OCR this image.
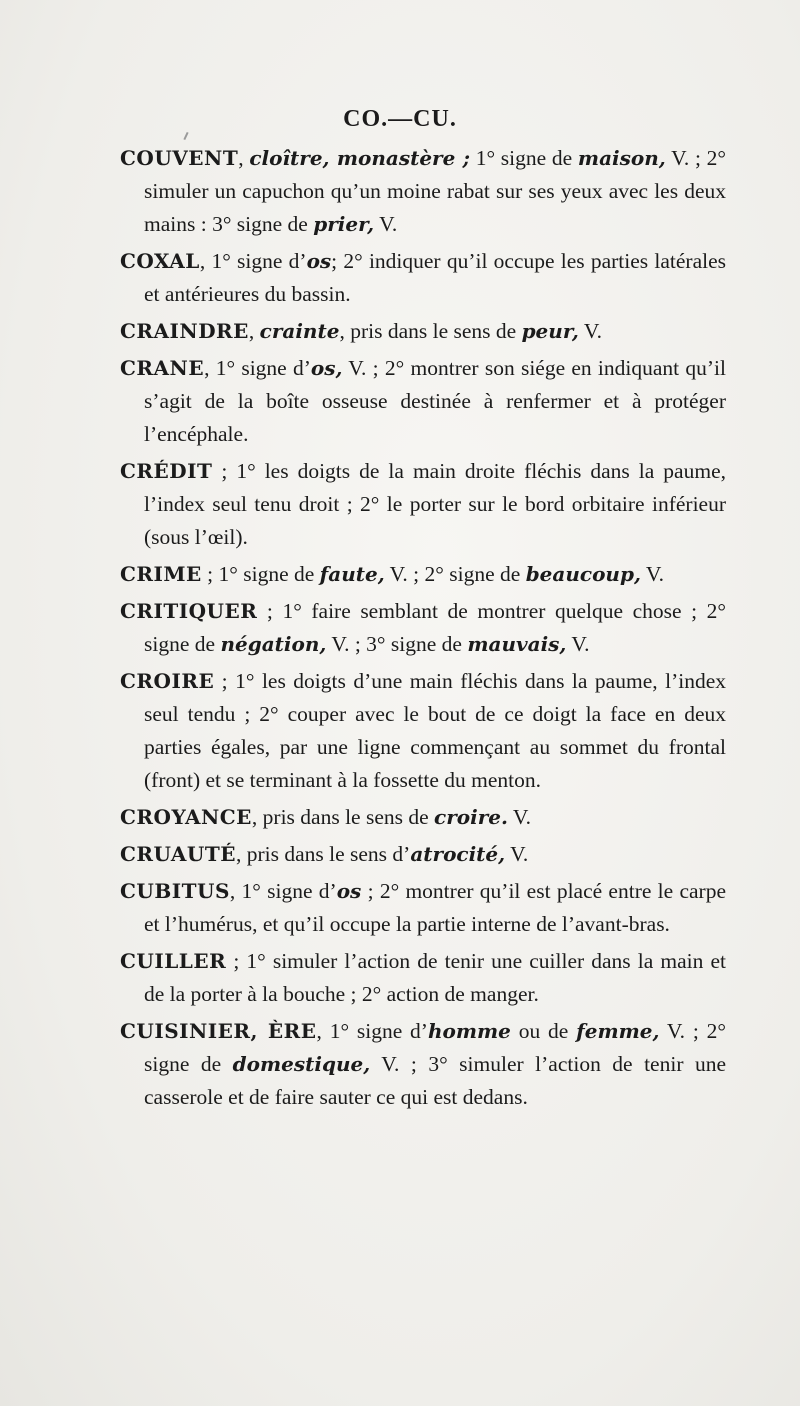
CO.—CU.

COUVENT, cloître, monastère ; 1° signe de maison, V. ; 2° simuler un capuchon qu’un moine rabat sur ses yeux avec les deux mains : 3° signe de prier, V.

COXAL, 1° signe d’os; 2° indiquer qu’il occupe les parties latérales et antérieures du bassin.

CRAINDRE, crainte, pris dans le sens de peur, V.

CRANE, 1° signe d’os, V. ; 2° montrer son siége en indiquant qu’il s’agit de la boîte osseuse destinée à renfermer et à protéger l’encéphale.

CRÉDIT ; 1° les doigts de la main droite fléchis dans la paume, l’index seul tenu droit ; 2° le porter sur le bord orbitaire inférieur (sous l’œil).

CRIME ; 1° signe de faute, V. ; 2° signe de beaucoup, V.

CRITIQUER ; 1° faire semblant de montrer quelque chose ; 2° signe de négation, V. ; 3° signe de mauvais, V.

CROIRE ; 1° les doigts d’une main fléchis dans la paume, l’index seul tendu ; 2° couper avec le bout de ce doigt la face en deux parties égales, par une ligne commençant au sommet du frontal (front) et se terminant à la fossette du menton.

CROYANCE, pris dans le sens de croire. V.

CRUAUTÉ, pris dans le sens d’atrocité, V.

CUBITUS, 1° signe d’os ; 2° montrer qu’il est placé entre le carpe et l’humérus, et qu’il occupe la partie interne de l’avant-bras.

CUILLER ; 1° simuler l’action de tenir une cuiller dans la main et de la porter à la bouche ; 2° action de manger.

CUISINIER, ÈRE, 1° signe d’homme ou de femme, V. ; 2° signe de domestique, V. ; 3° simuler l’action de tenir une casserole et de faire sauter ce qui est dedans.
